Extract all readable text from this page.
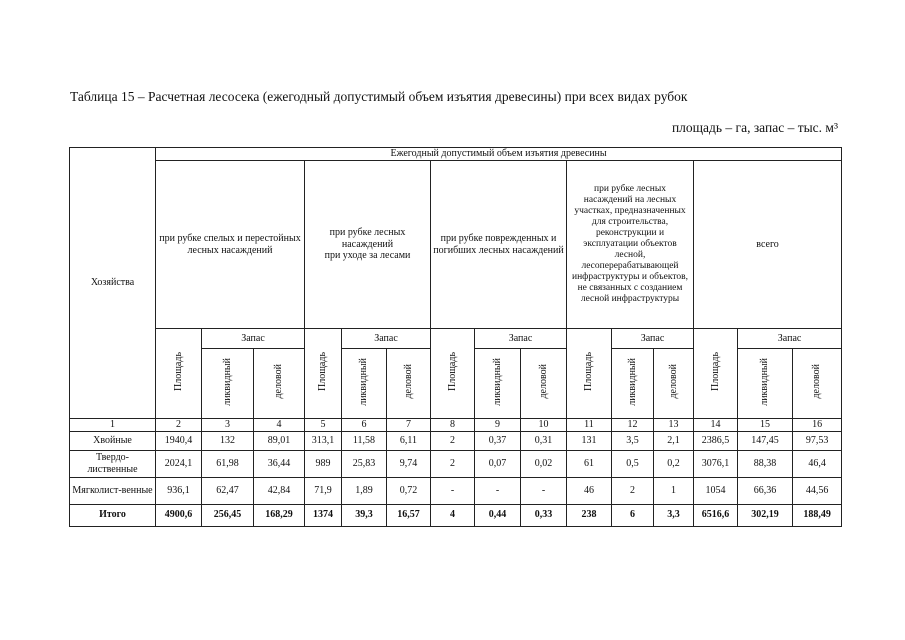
Таблица 15 – Расчетная лесосека (ежегодный допустимый объем изъятия древесины) при всех видах рубок
площадь – га, запас – тыс. м³
Хозяйства	Ежегодный допустимый объем изъятия древесины														
	при рубке спелых и перестойных лесных насаждений			при рубке лесных насаждений
при уходе за лесами			при рубке поврежденных и погибших лесных насаждений			при рубке лесных насаждений на лесных участках, предназначенных для строительства, реконструкции и эксплуатации объектов лесной, лесоперерабатывающей инфраструктуры и объектов, не связанных с созданием лесной инфраструктуры			всего		
	Площадь	Запас		Площадь	Запас		Площадь	Запас		Площадь	Запас		Площадь	Запас	
		ликвидный	деловой		ликвидный	деловой		ликвидный	деловой		ликвидный	деловой		ликвидный	деловой
1	2	3	4	5	6	7	8	9	10	11	12	13	14	15	16
Хвойные	1940,4	132	89,01	313,1	11,58	6,11	2	0,37	0,31	131	3,5	2,1	2386,5	147,45	97,53
Твердо-лиственные	2024,1	61,98	36,44	989	25,83	9,74	2	0,07	0,02	61	0,5	0,2	3076,1	88,38	46,4
Мягколист-венные	936,1	62,47	42,84	71,9	1,89	0,72	-	-	-	46	2	1	1054	66,36	44,56
Итого	4900,6	256,45	168,29	1374	39,3	16,57	4	0,44	0,33	238	6	3,3	6516,6	302,19	188,49
